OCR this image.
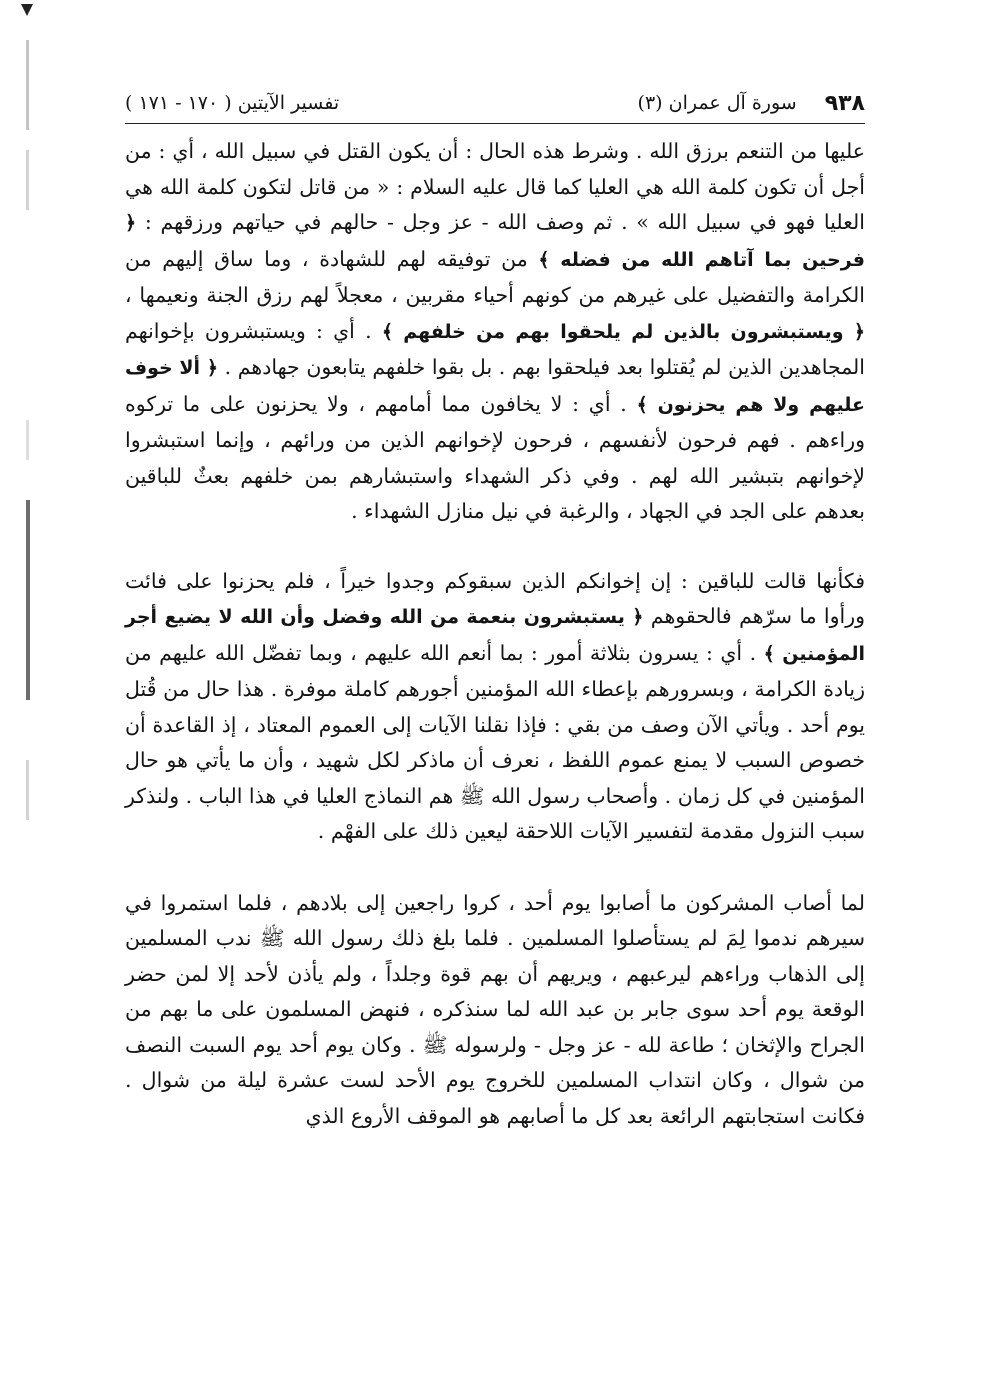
٩٣٨
(٣) سورة آل عمران
تفسير الآيتين ( ١٧٠ - ١٧١ )

عليها من التنعم برزق الله . وشرط هذه الحال : أن يكون القتل في سبيل الله ، أي : من أجل أن تكون كلمة الله هي العليا كما قال عليه السلام : « من قاتل لتكون كلمة الله هي العليا فهو في سبيل الله » . ثم وصف الله - عز وجل - حالهم في حياتهم ورزقهم : ﴿ فرحين بما آتاهم الله من فضله ﴾ من توفيقه لهم للشهادة ، وما ساق إليهم من الكرامة والتفضيل على غيرهم من كونهم أحياء مقربين ، معجلاً لهم رزق الجنة ونعيمها ، ﴿ ويستبشرون بالذين لم يلحقوا بهم من خلفهم ﴾ . أي : ويستبشرون بإخوانهم المجاهدين الذين لم يُقتلوا بعد فيلحقوا بهم . بل بقوا خلفهم يتابعون جهادهم . ﴿ ألا خوف عليهم ولا هم يحزنون ﴾ . أي : لا يخافون مما أمامهم ، ولا يحزنون على ما تركوه وراءهم . فهم فرحون لأنفسهم ، فرحون لإخوانهم الذين من ورائهم ، وإنما استبشروا لإخوانهم بتبشير الله لهم . وفي ذكر الشهداء واستبشارهم بمن خلفهم بعثٌ للباقين بعدهم على الجد في الجهاد ، والرغبة في نيل منازل الشهداء .

فكأنها قالت للباقين : إن إخوانكم الذين سبقوكم وجدوا خيراً ، فلم يحزنوا على فائت ورأوا ما سرّهم فالحقوهم ﴿ يستبشرون بنعمة من الله وفضل وأن الله لا يضيع أجر المؤمنين ﴾ . أي : يسرون بثلاثة أمور : بما أنعم الله عليهم ، وبما تفضّل الله عليهم من زيادة الكرامة ، وبسرورهم بإعطاء الله المؤمنين أجورهم كاملة موفرة . هذا حال من قُتل يوم أحد . ويأتي الآن وصف من بقي : فإذا نقلنا الآيات إلى العموم المعتاد ، إذ القاعدة أن خصوص السبب لا يمنع عموم اللفظ ، نعرف أن ماذكر لكل شهيد ، وأن ما يأتي هو حال المؤمنين في كل زمان . وأصحاب رسول الله ﷺ هم النماذج العليا في هذا الباب . ولنذكر سبب النزول مقدمة لتفسير الآيات اللاحقة ليعين ذلك على الفهْم .

لما أصاب المشركون ما أصابوا يوم أحد ، كروا راجعين إلى بلادهم ، فلما استمروا في سيرهم ندموا لِمَ لم يستأصلوا المسلمين . فلما بلغ ذلك رسول الله ﷺ ندب المسلمين إلى الذهاب وراءهم ليرعبهم ، ويريهم أن بهم قوة وجلداً ، ولم يأذن لأحد إلا لمن حضر الوقعة يوم أحد سوى جابر بن عبد الله لما سنذكره ، فنهض المسلمون على ما بهم من الجراح والإثخان ؛ طاعة لله - عز وجل - ولرسوله ﷺ . وكان يوم أحد يوم السبت النصف من شوال ، وكان انتداب المسلمين للخروج يوم الأحد لست عشرة ليلة من شوال . فكانت استجابتهم الرائعة بعد كل ما أصابهم هو الموقف الأروع الذي
